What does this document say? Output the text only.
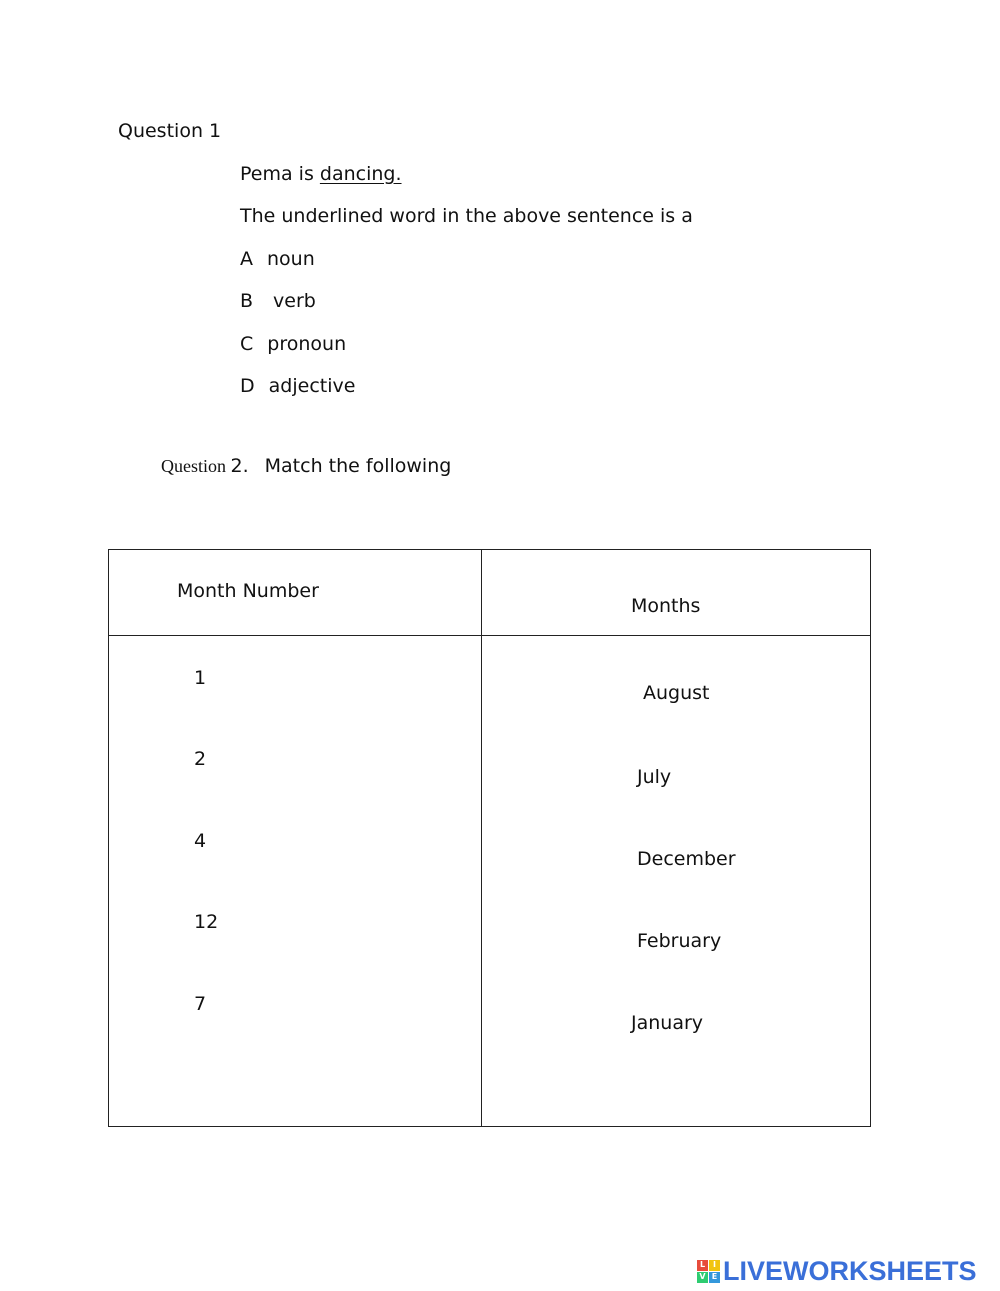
Question 1
Pema is dancing.
The underlined word in the above sentence is a
A noun
B verb
C pronoun
D adjective
Question 2. Match the following
Month Number
Months
1
2
4
12
7
August
July
December
February
January
L I
V E LIVEWORKSHEETS
